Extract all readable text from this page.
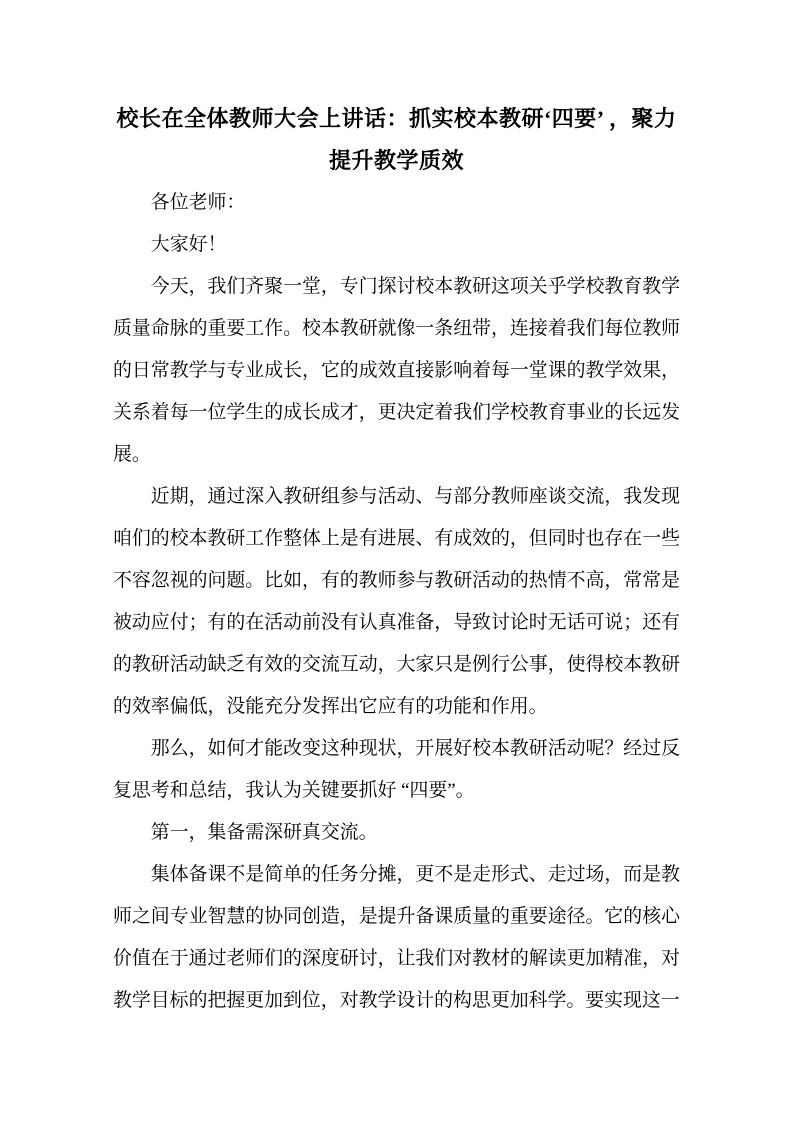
校长在全体教师大会上讲话：抓实校本教研‘四要’ ，聚力提升教学质效

各位老师：

大家好！

今天，我们齐聚一堂，专门探讨校本教研这项关乎学校教育教学质量命脉的重要工作。校本教研就像一条纽带，连接着我们每位教师的日常教学与专业成长，它的成效直接影响着每一堂课的教学效果，关系着每一位学生的成长成才，更决定着我们学校教育事业的长远发展。

近期，通过深入教研组参与活动、与部分教师座谈交流，我发现咱们的校本教研工作整体上是有进展、有成效的，但同时也存在一些不容忽视的问题。比如，有的教师参与教研活动的热情不高，常常是被动应付；有的在活动前没有认真准备，导致讨论时无话可说；还有的教研活动缺乏有效的交流互动，大家只是例行公事，使得校本教研的效率偏低，没能充分发挥出它应有的功能和作用。

那么，如何才能改变这种现状，开展好校本教研活动呢？经过反复思考和总结，我认为关键要抓好 “四要”。

第一，集备需深研真交流。

集体备课不是简单的任务分摊，更不是走形式、走过场，而是教师之间专业智慧的协同创造，是提升备课质量的重要途径。它的核心价值在于通过老师们的深度研讨，让我们对教材的解读更加精准，对教学目标的把握更加到位，对教学设计的构思更加科学。要实现这一
